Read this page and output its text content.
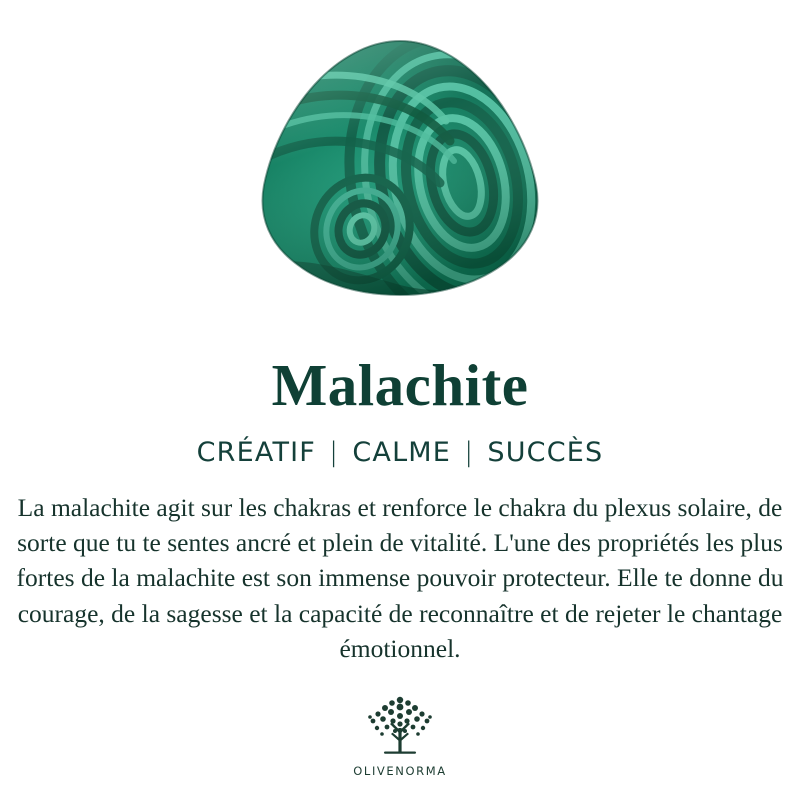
Malachite
CRÉATIF | CALME | SUCCÈS

La malachite agit sur les chakras et renforce le chakra du plexus solaire, de sorte que tu te sentes ancré et plein de vitalité. L'une des propriétés les plus fortes de la malachite est son immense pouvoir protecteur. Elle te donne du courage, de la sagesse et la capacité de reconnaître et de rejeter le chantage émotionnel.

OLIVENORMA
